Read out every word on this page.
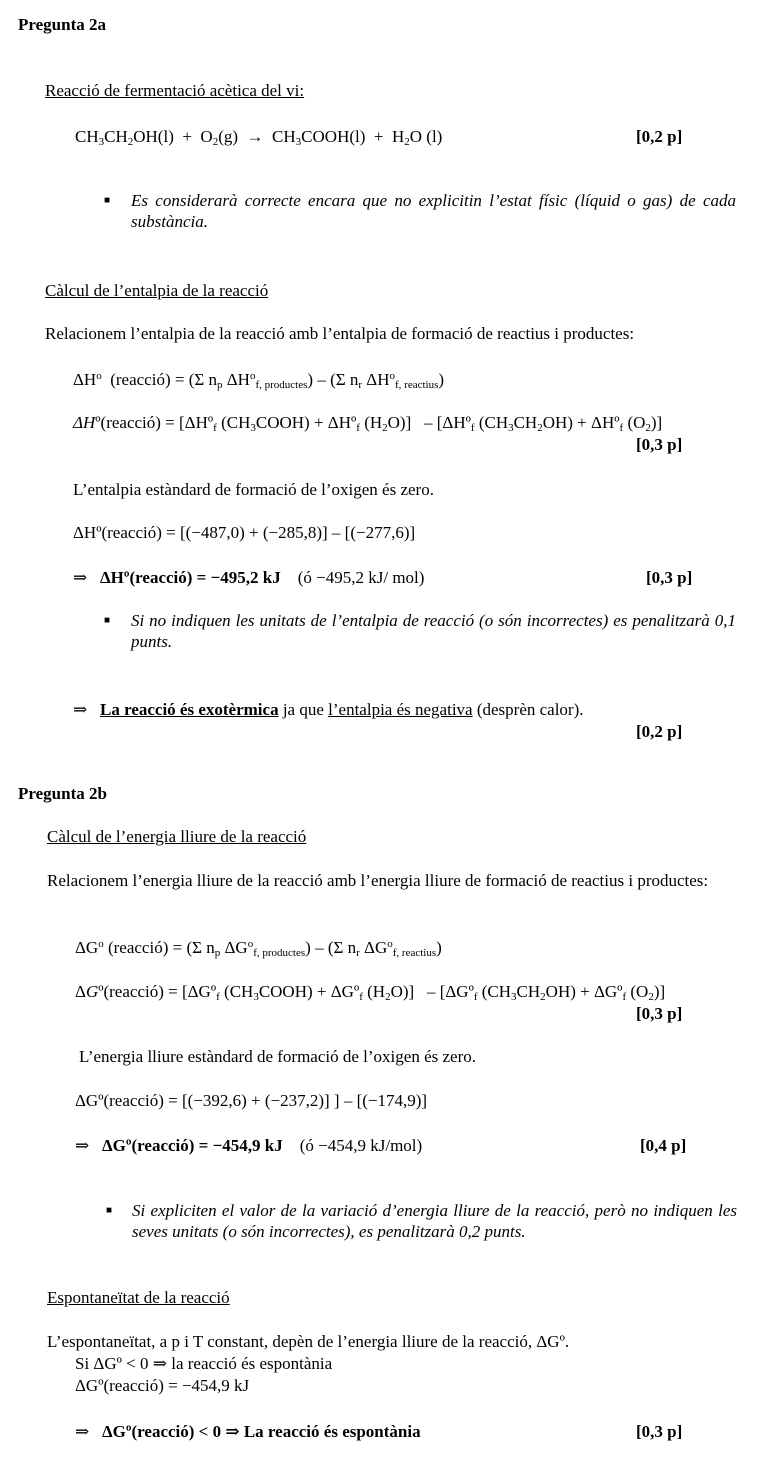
Pregunta 2a
Reacció de fermentació acètica del vi:
$CH_3CH_2OH(l) + O_2(g)$  →  $CH_3COOH(l) + H_2O$ (l)	[0,2 p]
■ Es considerarà correcte encara que no explicitin l’estat físic (líquid o gas) de cada substància.
Càlcul de l’entalpia de la reacció
Relacionem l’entalpia de la reacció amb l’entalpia de formació de reactius i productes:
$\Delta H^o$  (reacció) = (Σ $n_p$ $\Delta H^o_{f, productes}) - (\Sigma$ $n_r$ $\Delta H^o_{f, reactius}$)
ΔHº(reacció) = [ΔHº$_f$ $(CH_3COOH)$ + ΔHº$_f$ $(H_2O)$]   – [ΔHº$_f$ $(CH_3CH_2OH)$ + ΔHº$_f$ $(O_2)$]
[0,3 p]
L’entalpia estàndard de formació de l’oxigen és zero.
ΔHº(reacció) = [(−487,0) + (−285,8)] – [(−277,6)]
⇒ ΔHº(reacció) = −495,2 kJ (ó −495,2 kJ/ mol)	[0,3 p]
■ Si no indiquen les unitats de l’entalpia de reacció (o són incorrectes) es penalitzarà 0,1 punts.
⇒ La reacció és exotèrmica ja que l’entalpia és negativa (desprèn calor).
[0,2 p]
Pregunta 2b
Càlcul de l’energia lliure de la reacció
Relacionem l’energia lliure de la reacció amb l’energia lliure de formació de reactius i productes:
$\Delta G^o$ (reacció) = (Σ $n_p$ $\Delta G^o_{f, productes}) - (\Sigma$ $n_r$ $\Delta G^o_{f, reactius}$)
ΔGº(reacció) = [ΔGº$_f$ $(CH_3COOH)$ + ΔGº$_f$ $(H_2O)$]   – [ΔGº$_f$ $(CH_3CH_2OH)$ + ΔGº$_f$ $(O_2)$]
[0,3 p]
L’energia lliure estàndard de formació de l’oxigen és zero.
ΔGº(reacció) = [(−392,6) + (−237,2)] ] – [(−174,9)]
⇒ ΔGº(reacció) = −454,9 kJ (ó −454,9 kJ/mol)	[0,4 p]
■ Si expliciten el valor de la variació d’energia lliure de la reacció, però no indiquen les seves unitats (o són incorrectes), es penalitzarà 0,2 punts.
Espontaneïtat de la reacció
L’espontaneïtat, a p i T constant, depèn de l’energia lliure de la reacció, ΔGº.
Si ΔGº < 0 ⇒ la reacció és espontània
ΔGº(reacció) = −454,9 kJ
⇒ ΔGº(reacció) < 0 ⇒ La reacció és espontània	[0,3 p]
